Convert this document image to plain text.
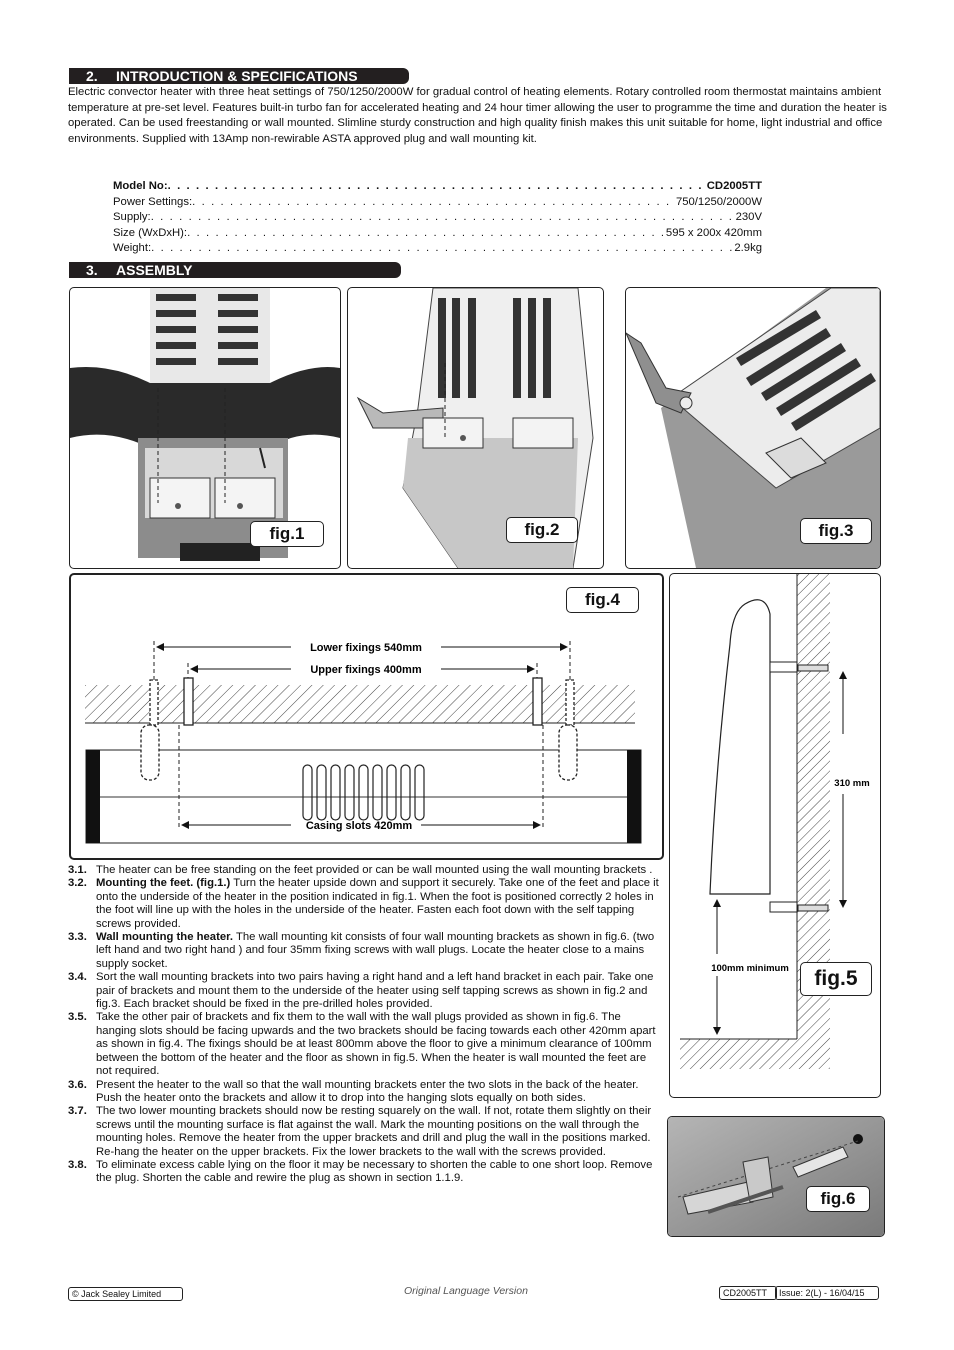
2. INTRODUCTION & SPECIFICATIONS

Electric convector heater with three heat settings of 750/1250/2000W for gradual control of heating elements. Rotary controlled room thermostat maintains ambient temperature at pre-set level. Features built-in turbo fan for accelerated heating and 24 hour timer allowing the user to programme the time and duration the heater is operated. Can be used freestanding or wall mounted. Slimline sturdy construction and high quality finish makes this unit suitable for home, light industrial and office environments. Supplied with 13Amp non-rewirable ASTA approved plug and wall mounting kit.

Model No: . . .	CD2005TT
Power Settings: . . .	750/1250/2000W
Supply: . . .	230V
Size (WxDxH): . . .	595 x 200x 420mm
Weight: . . .	2.9kg
3. ASSEMBLY
fig.1	fig.2	fig.3
Lower fixings 540mm
Upper fixings 400mm
Casing slots 420mm
fig.4
310 mm
100mm minimum	fig.5
fig.6
3.1. The heater can be free standing on the feet provided or can be wall mounted using the wall mounting brackets .
3.2. Mounting the feet. (fig.1.) Turn the heater upside down and support it securely. Take one of the feet and place it onto the underside of the heater in the position indicated in fig.1. When the foot is positioned correctly 2 holes in the foot will line up with the holes in the underside of the heater. Fasten each foot down with the self tapping screws provided.
3.3. Wall mounting the heater. The wall mounting kit consists of four wall mounting brackets as shown in fig.6. (two left hand and two right hand ) and four 35mm fixing screws with wall plugs. Locate the heater close to a mains supply socket.
3.4. Sort the wall mounting brackets into two pairs having a right hand and a left hand bracket in each pair. Take one pair of brackets and mount them to the underside of the heater using self tapping screws as shown in fig.2 and fig.3. Each bracket should be fixed in the pre-drilled holes provided.
3.5. Take the other pair of brackets and fix them to the wall with the wall plugs provided as shown in fig.6. The hanging slots should be facing upwards and the two brackets should be facing towards each other 420mm apart as shown in fig.4. The fixings should be at least 800mm above the floor to give a minimum clearance of 100mm between the bottom of the heater and the floor as shown in fig.5. When the heater is wall mounted the feet are not required.
3.6. Present the heater to the wall so that the wall mounting brackets enter the two slots in the back of the heater. Push the heater onto the brackets and allow it to drop into the hanging slots equally on both sides.
3.7. The two lower mounting brackets should now be resting squarely on the wall. If not, rotate them slightly on their screws until the mounting surface is flat against the wall. Mark the mounting positions on the wall through the mounting holes. Remove the heater from the upper brackets and drill and plug the wall in the positions marked. Re-hang the heater on the upper brackets. Fix the lower brackets to the wall with the screws provided.
3.8. To eliminate excess cable lying on the floor it may be necessary to shorten the cable to one short loop. Remove the plug. Shorten the cable and rewire the plug as shown in section 1.1.9.
© Jack Sealey Limited	Original Language Version	CD2005TT	Issue: 2(L) - 16/04/15
